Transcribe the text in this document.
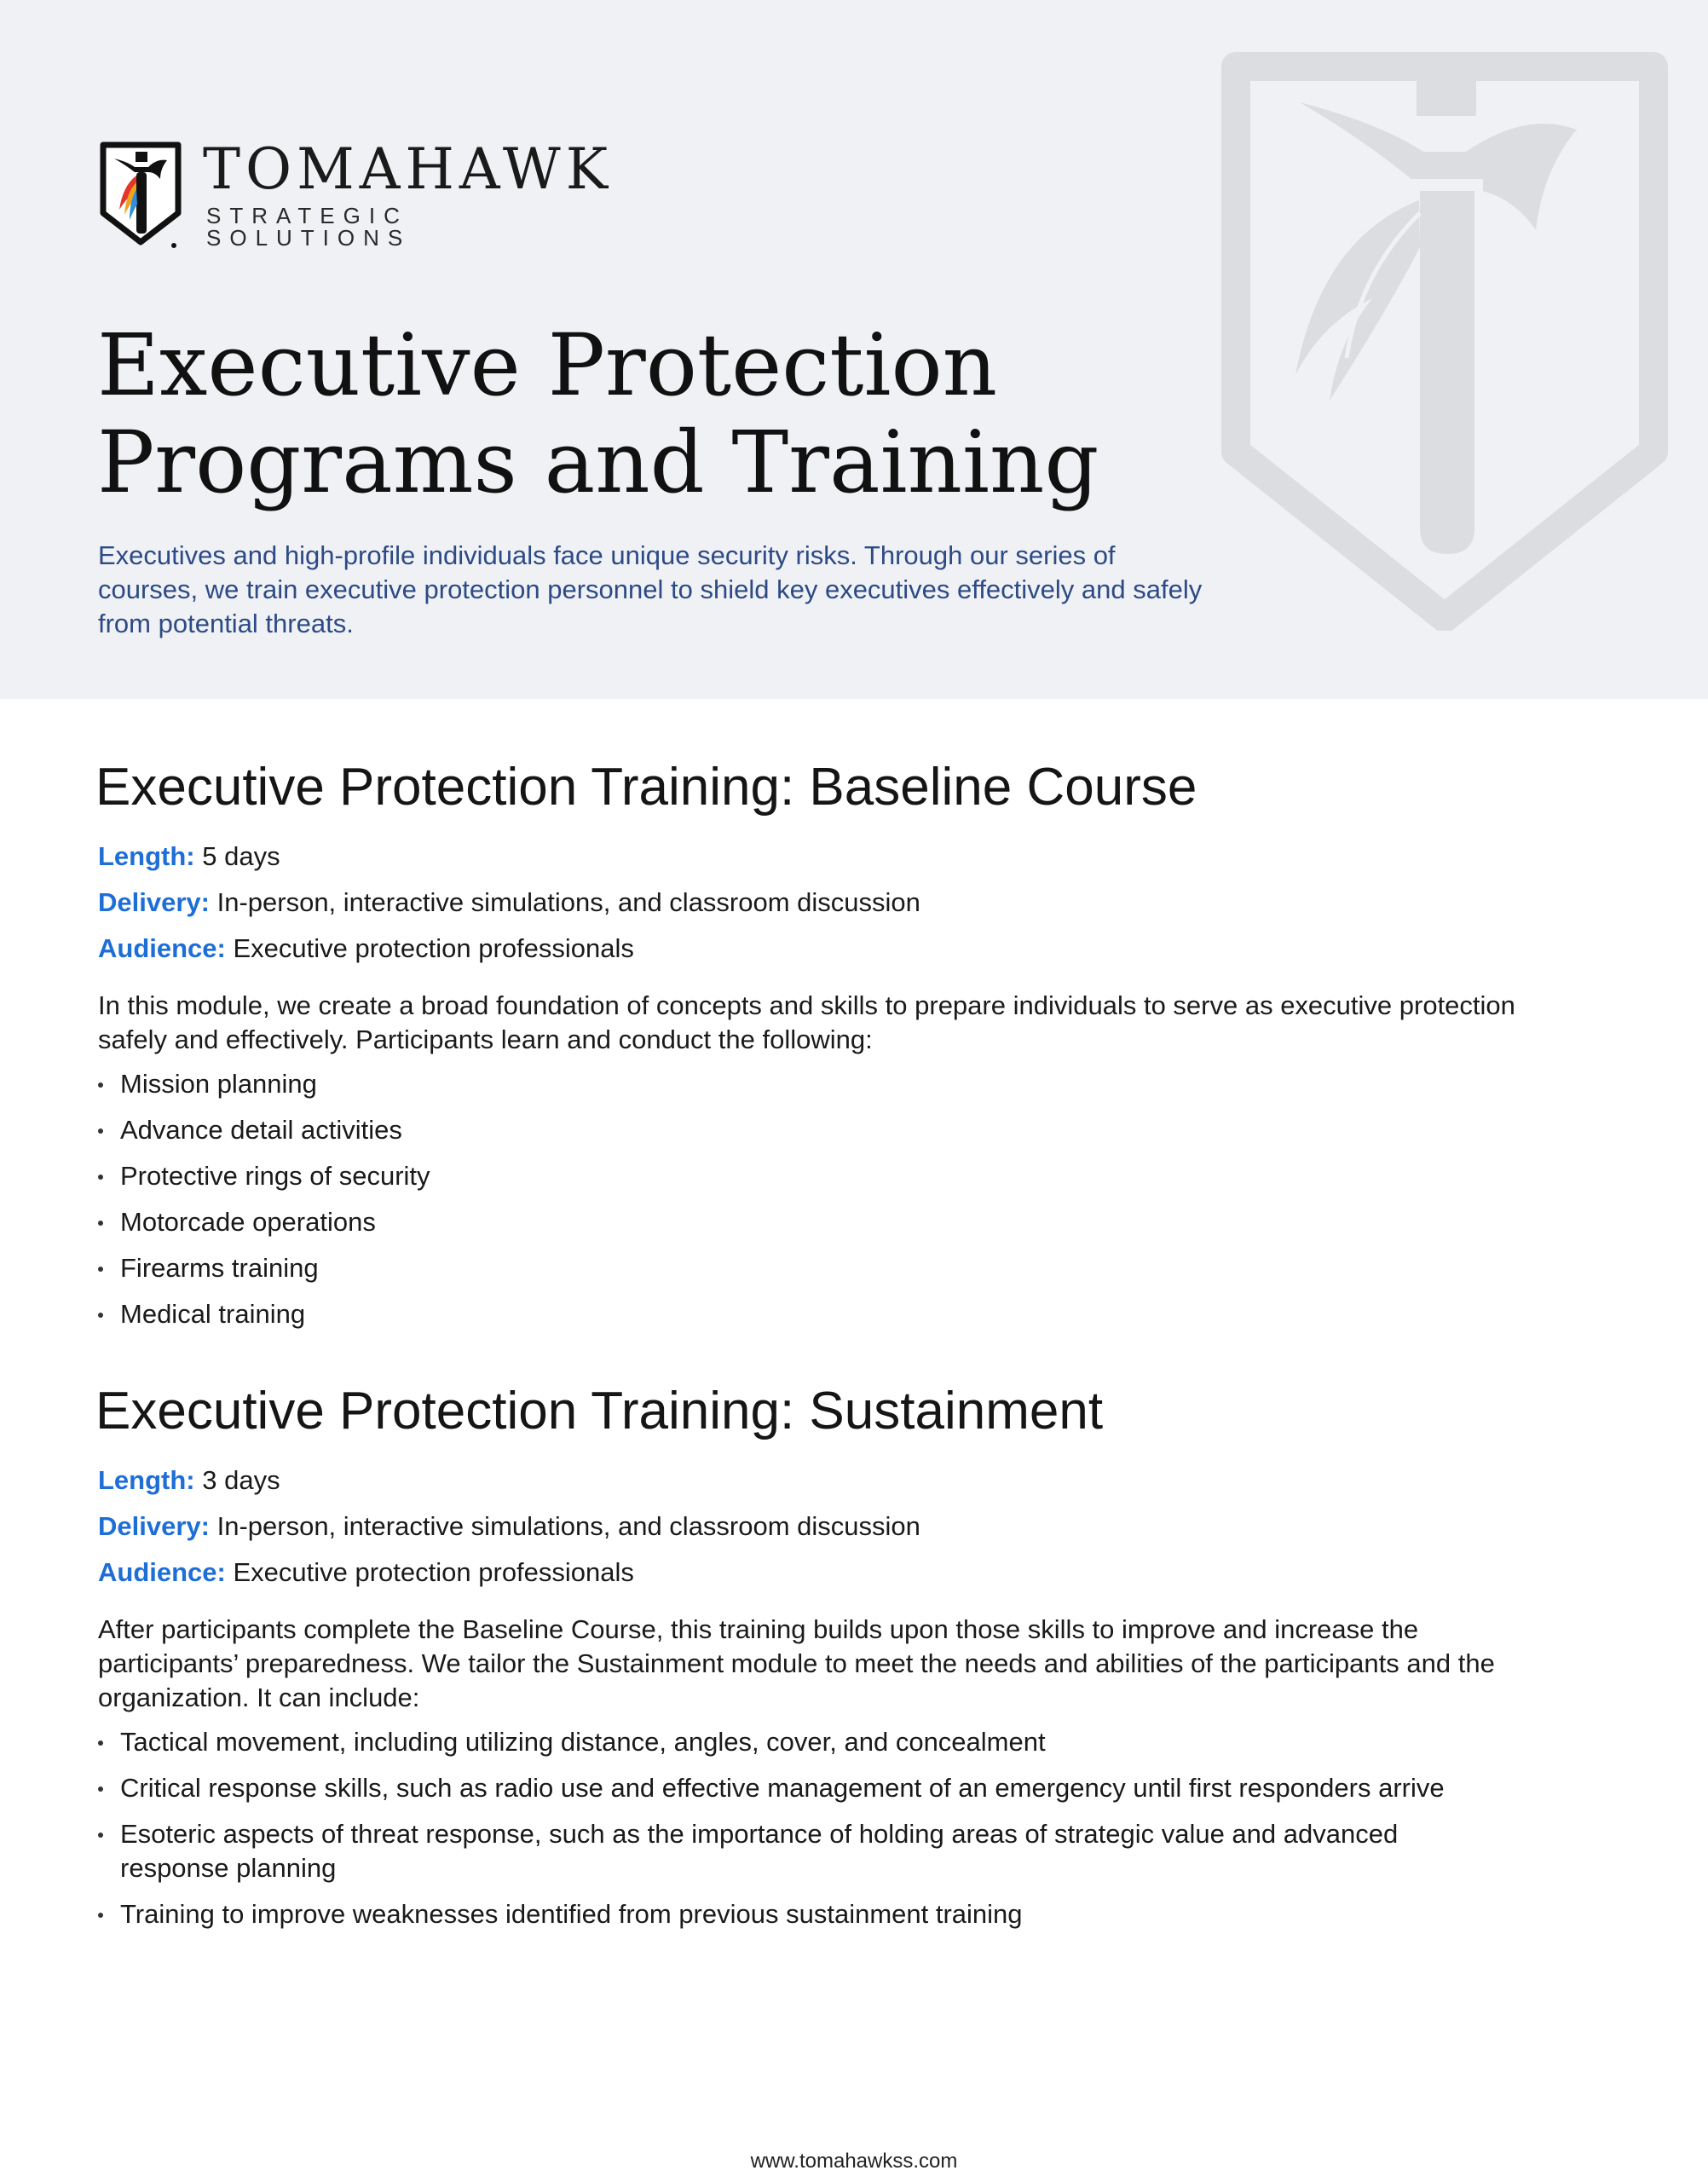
TOMAHAWK
STRATEGIC SOLUTIONS
Executive Protection
Programs and Training

Executives and high-profile individuals face unique security risks. Through our series of courses, we train executive protection personnel to shield key executives effectively and safely from potential threats.

Executive Protection Training: Baseline Course
Length: 5 days
Delivery: In-person, interactive simulations, and classroom discussion
Audience: Executive protection professionals

In this module, we create a broad foundation of concepts and skills to prepare individuals to serve as executive protection safely and effectively. Participants learn and conduct the following:

Mission planning
Advance detail activities
Protective rings of security
Motorcade operations
Firearms training
Medical training
Executive Protection Training: Sustainment
Length: 3 days
Delivery: In-person, interactive simulations, and classroom discussion
Audience: Executive protection professionals

After participants complete the Baseline Course, this training builds upon those skills to improve and increase the participants’ preparedness. We tailor the Sustainment module to meet the needs and abilities of the participants and the organization. It can include:

Tactical movement, including utilizing distance, angles, cover, and concealment
Critical response skills, such as radio use and effective management of an emergency until first responders arrive
Esoteric aspects of threat response, such as the importance of holding areas of strategic value and advanced response planning
Training to improve weaknesses identified from previous sustainment training
www.tomahawkss.com
